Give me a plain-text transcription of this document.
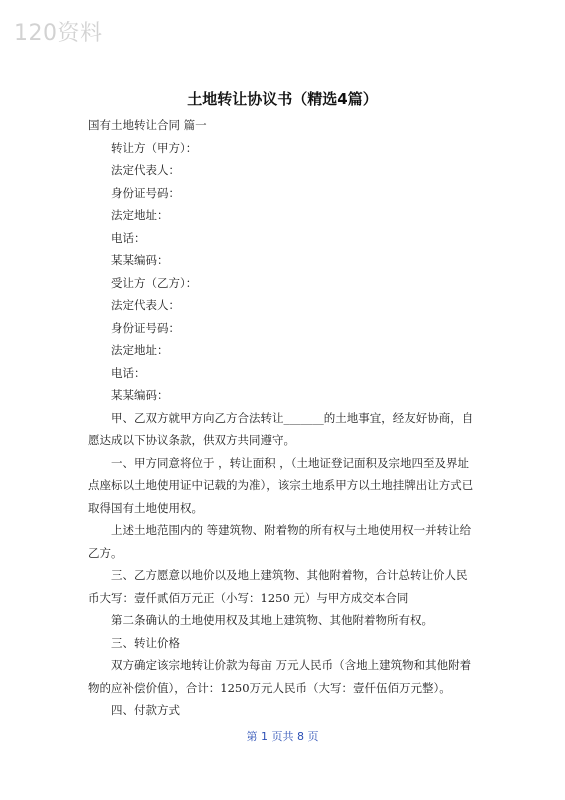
120资料
土地转让协议书（精选4篇）

国有土地转让合同 篇一

转让方（甲方）：

法定代表人：

身份证号码：

法定地址：

电话：

某某编码：

受让方（乙方）：

法定代表人：

身份证号码：

法定地址：

电话：

某某编码：

甲、乙双方就甲方向乙方合法转让_______的土地事宜，经友好协商，自愿达成以下协议条款，供双方共同遵守。

一、甲方同意将位于 ，转让面积 ，（土地证登记面积及宗地四至及界址点座标以土地使用证中记载的为准），该宗土地系甲方以土地挂牌出让方式已取得国有土地使用权。

上述土地范围内的 等建筑物、附着物的所有权与土地使用权一并转让给乙方。

三、乙方愿意以地价以及地上建筑物、其他附着物，合计总转让价人民币大写：壹仟贰佰万元正（小写：1250 元）与甲方成交本合同

第二条确认的土地使用权及其地上建筑物、其他附着物所有权。

三、转让价格

双方确定该宗地转让价款为每亩 万元人民币（含地上建筑物和其他附着物的应补偿价值），合计：1250万元人民币（大写：壹仟伍佰万元整）。

四、付款方式

第 1 页共 8 页
